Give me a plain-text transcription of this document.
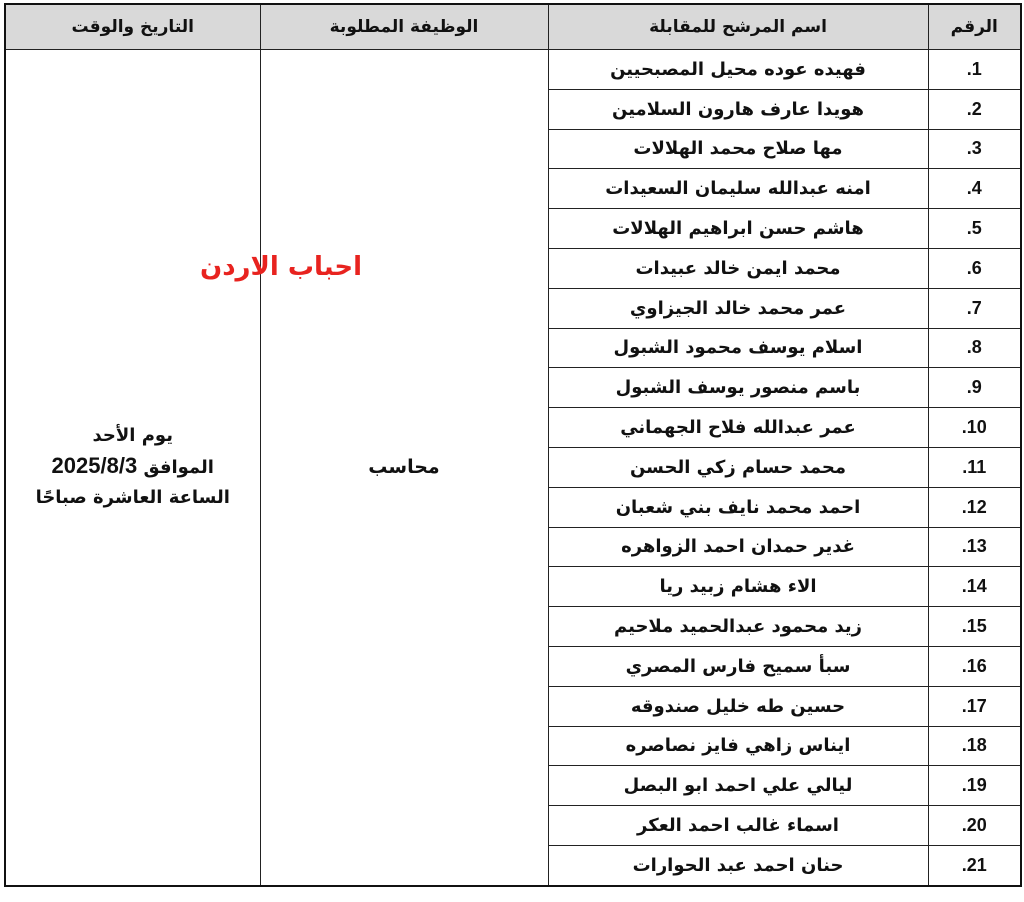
الرقم	اسم المرشح للمقابلة	الوظيفة المطلوبة	التاريخ والوقت
1.	فهيده عوده محيل المصبحيين	محاسب	يوم الأحد
الموافق 2025/8/3
الساعة العاشرة صباحًا

2.	هويدا عارف هارون السلامين		
3.	مها صلاح محمد الهلالات		
4.	امنه عبدالله سليمان السعيدات		
5.	هاشم حسن ابراهيم الهلالات		
6.	محمد ايمن خالد عبيدات		
7.	عمر محمد خالد الجيزاوي		
8.	اسلام يوسف محمود الشبول		
9.	باسم منصور يوسف الشبول		
10.	عمر عبدالله فلاح الجهماني		
11.	محمد حسام زكي الحسن		
12.	احمد محمد نايف بني شعبان		
13.	غدير حمدان احمد الزواهره		
14.	الاء هشام زبيد ريا		
15.	زيد محمود عبدالحميد ملاحيم		
16.	سبأ سميح فارس المصري		
17.	حسين طه خليل صندوقه		
18.	ايناس زاهي فايز نصاصره		
19.	ليالي علي احمد ابو البصل		
20.	اسماء غالب احمد العكر		
21.	حنان احمد عبد الحوارات		
احباب الاردن
